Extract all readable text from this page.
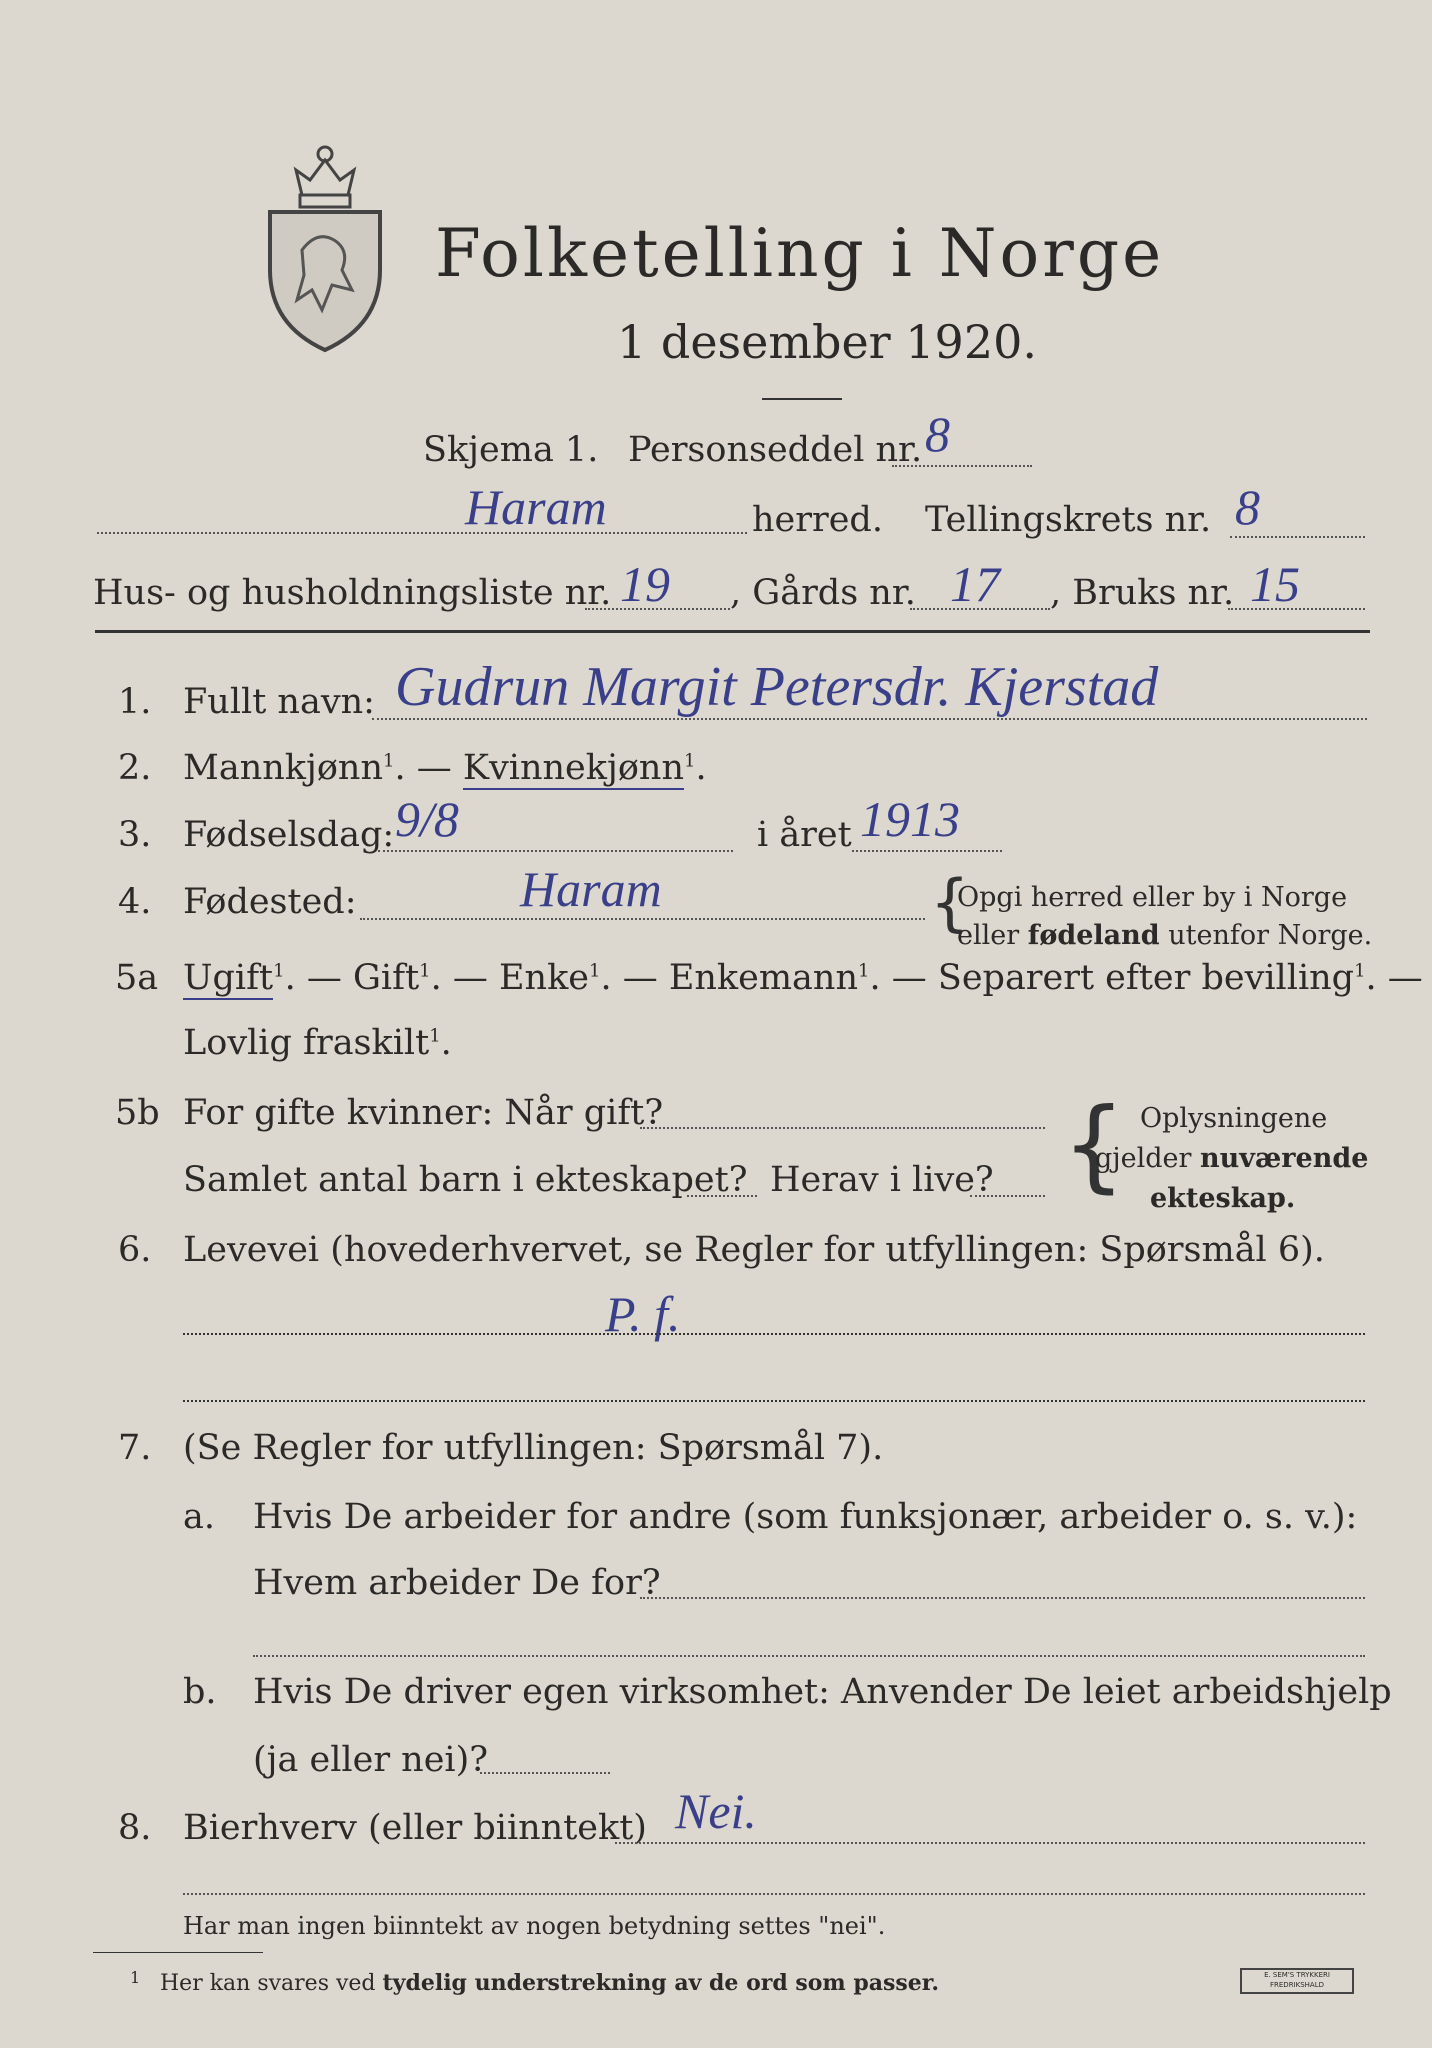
Folketelling i Norge
1 desember 1920.
Skjema 1. Personseddel nr. 8
Haram	herred. Tellingskrets nr. 8
Hus- og husholdningsliste nr. 19 , Gårds nr. 17 , Bruks nr. 15
1. Fullt navn: Gudrun Margit Petersdr. Kjerstad
2. Mannkjønn$^1$. — Kvinnekjønn$^1$.
3. Fødselsdag: 9/8	i året 1913
4. Fødested:	Haram	{
Opgi herred eller by i Norge
eller fødeland utenfor Norge.
5a Ugift$^1$. — Gift$^1$. — Enke$^1$. — Enkemann$^1$. — Separert efter bevilling$^1$. —
Lovlig fraskilt$^1$.
5b For gifte kvinner: Når gift?
Samlet antal barn i ekteskapet? Herav i live? { Oplysningene
gjelder nuværende
ekteskap.
6. Levevei (hovederhvervet, se Regler for utfyllingen: Spørsmål 6).
P. f.
7. (Se Regler for utfyllingen: Spørsmål 7).
a. Hvis De arbeider for andre (som funksjonær, arbeider o. s. v.):
Hvem arbeider De for?
b. Hvis De driver egen virksomhet: Anvender De leiet arbeidshjelp
(ja eller nei)?
8. Bierhverv (eller biinntekt) Nei.
Har man ingen biinntekt av nogen betydning settes "nei".
1 Her kan svares ved tydelig understrekning av de ord som passer.	E. SEM'S TRYKKERI FREDRIKSHALD
